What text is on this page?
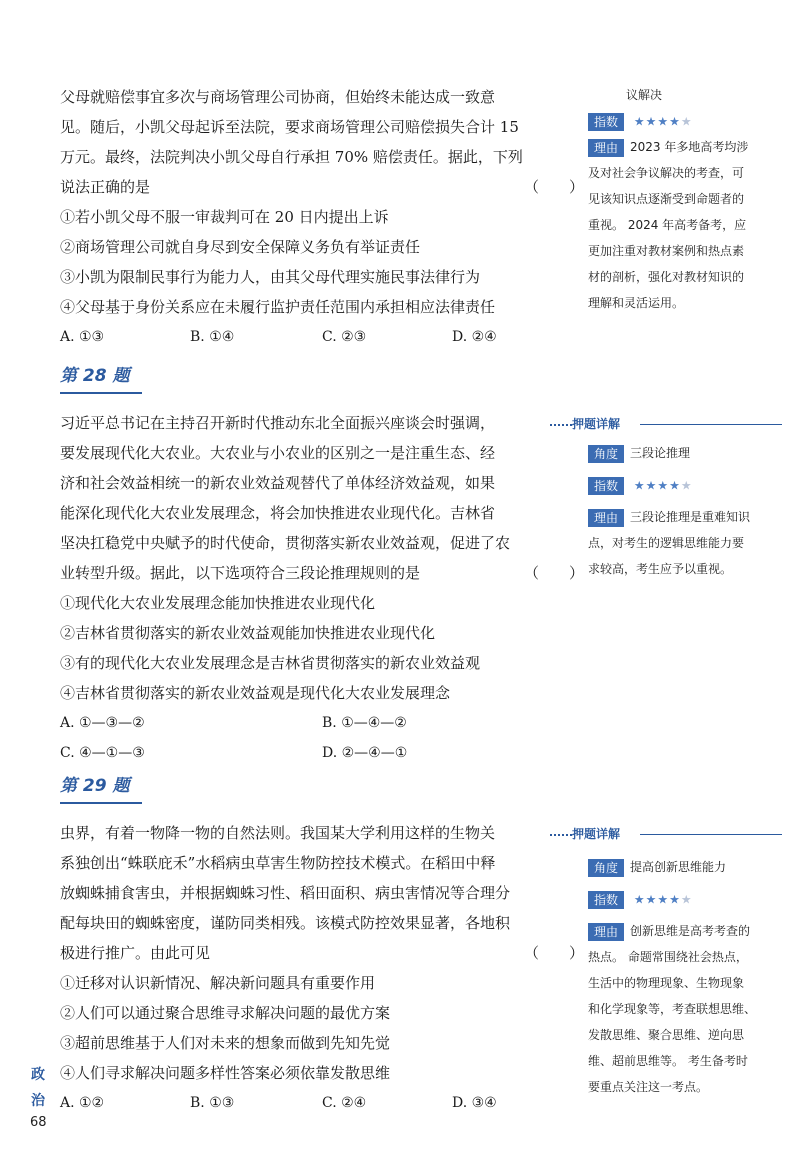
父母就赔偿事宜多次与商场管理公司协商，但始终未能达成一致意
见。随后，小凯父母起诉至法院，要求商场管理公司赔偿损失合计 15
万元。最终，法院判决小凯父母自行承担 70% 赔偿责任。据此，下列
说法正确的是	（　　）
①若小凯父母不服一审裁判可在 20 日内提出上诉
②商场管理公司就自身尽到安全保障义务负有举证责任
③小凯为限制民事行为能力人，由其父母代理实施民事法律行为
④父母基于身份关系应在未履行监护责任范围内承担相应法律责任
A. ①③	B. ①④	C. ②③	D. ②④
议解决
指数 ★★★★★
理由 2023 年多地高考均涉
及对社会争议解决的考查，可
见该知识点逐渐受到命题者的
重视。 2024 年高考备考，应
更加注重对教材案例和热点素
材的剖析，强化对教材知识的
理解和灵活运用。
第 28 题
习近平总书记在主持召开新时代推动东北全面振兴座谈会时强调，
要发展现代化大农业。大农业与小农业的区别之一是注重生态、经
济和社会效益相统一的新农业效益观替代了单体经济效益观，如果
能深化现代化大农业发展理念，将会加快推进农业现代化。吉林省
坚决扛稳党中央赋予的时代使命，贯彻落实新农业效益观，促进了农
业转型升级。据此，以下选项符合三段论推理规则的是	（　　）
①现代化大农业发展理念能加快推进农业现代化
②吉林省贯彻落实的新农业效益观能加快推进农业现代化
③有的现代化大农业发展理念是吉林省贯彻落实的新农业效益观
④吉林省贯彻落实的新农业效益观是现代化大农业发展理念
A. ①—③—②	B. ①—④—②
C. ④—①—③	D. ②—④—①
押题详解
角度 三段论推理
指数 ★★★★★
理由 三段论推理是重难知识
点，对考生的逻辑思维能力要
求较高，考生应予以重视。
第 29 题
虫界，有着一物降一物的自然法则。我国某大学利用这样的生物关
系独创出“蛛联庇禾”水稻病虫草害生物防控技术模式。在稻田中释
放蜘蛛捕食害虫，并根据蜘蛛习性、稻田面积、病虫害情况等合理分
配每块田的蜘蛛密度，谨防同类相残。该模式防控效果显著，各地积
极进行推广。由此可见	（　　）
①迁移对认识新情况、解决新问题具有重要作用
②人们可以通过聚合思维寻求解决问题的最优方案
③超前思维基于人们对未来的想象而做到先知先觉
④人们寻求解决问题多样性答案必须依靠发散思维
A. ①②	B. ①③	C. ②④	D. ③④
押题详解
角度 提高创新思维能力
指数 ★★★★★
理由 创新思维是高考考查的
热点。 命题常围绕社会热点，
生活中的物理现象、生物现象
和化学现象等，考查联想思维、
发散思维、聚合思维、逆向思
维、超前思维等。 考生备考时
要重点关注这一考点。
政
治
68
